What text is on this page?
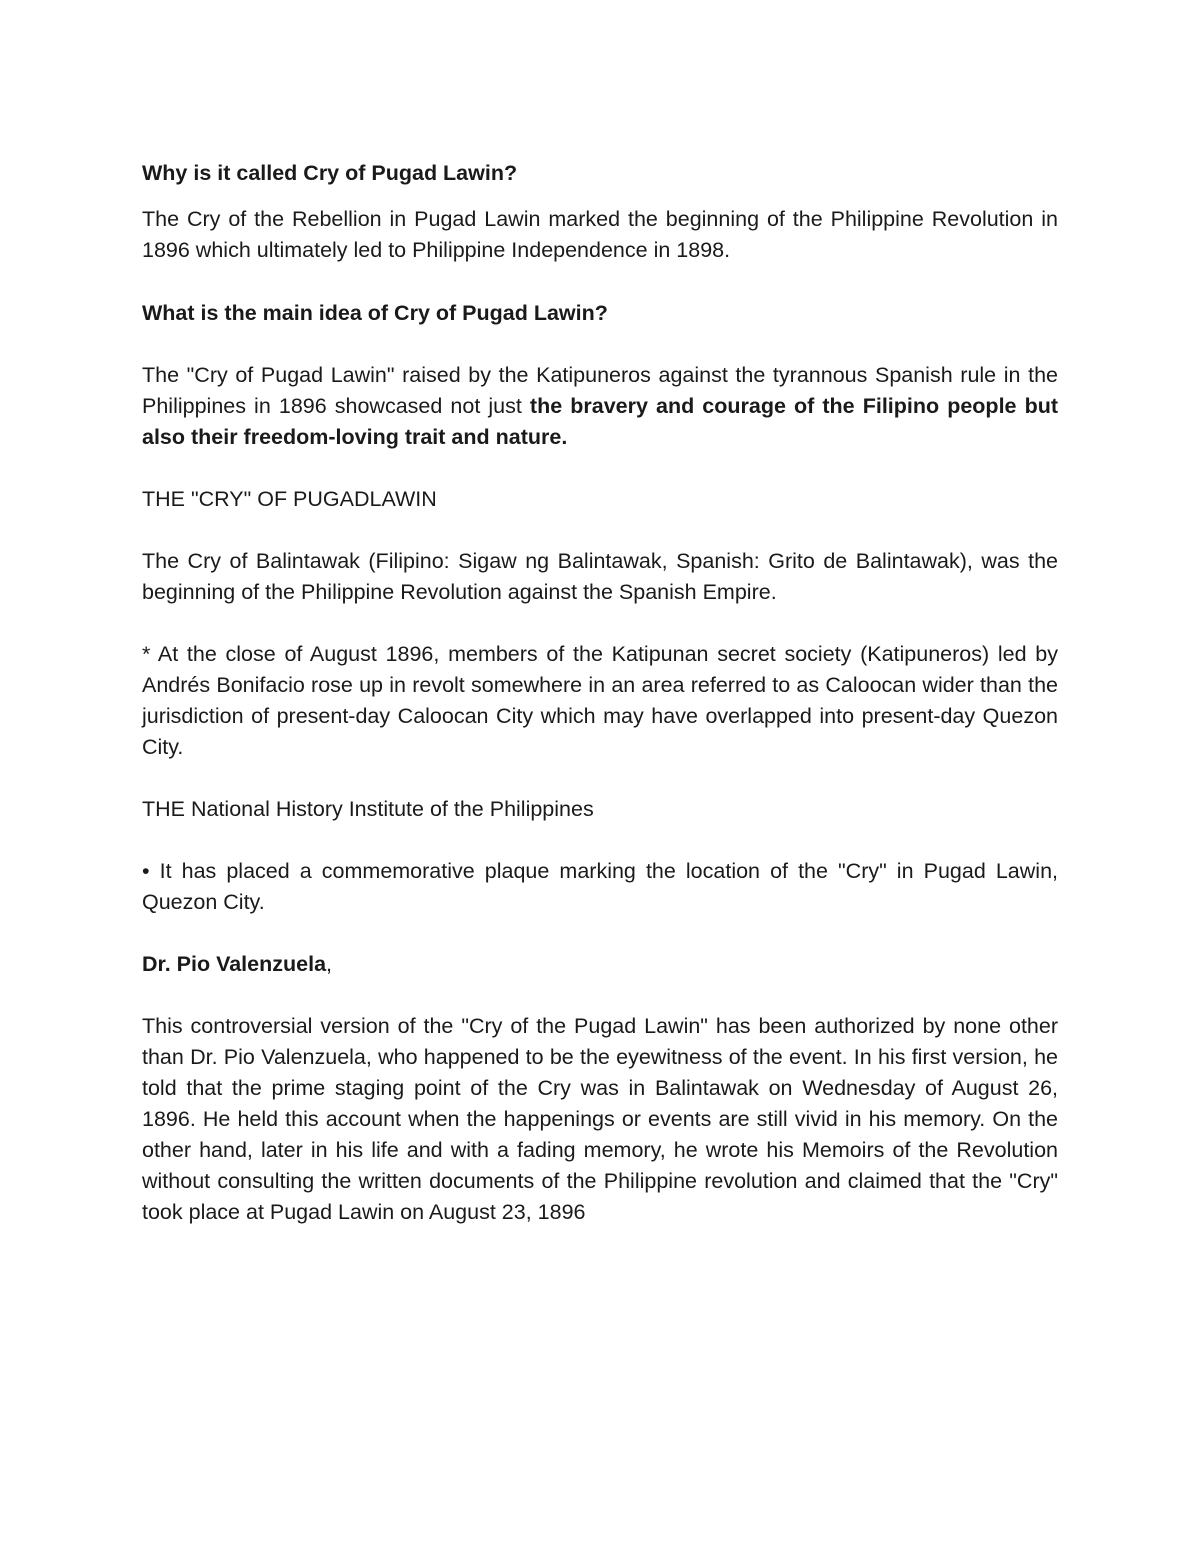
Why is it called Cry of Pugad Lawin?

The Cry of the Rebellion in Pugad Lawin marked the beginning of the Philippine Revolution in 1896 which ultimately led to Philippine Independence in 1898.

What is the main idea of Cry of Pugad Lawin?

The "Cry of Pugad Lawin" raised by the Katipuneros against the tyrannous Spanish rule in the Philippines in 1896 showcased not just the bravery and courage of the Filipino people but also their freedom-loving trait and nature.

THE "CRY" OF PUGADLAWIN

The Cry of Balintawak (Filipino: Sigaw ng Balintawak, Spanish: Grito de Balintawak), was the beginning of the Philippine Revolution against the Spanish Empire.

* At the close of August 1896, members of the Katipunan secret society (Katipuneros) led by Andrés Bonifacio rose up in revolt somewhere in an area referred to as Caloocan wider than the jurisdiction of present-day Caloocan City which may have overlapped into present-day Quezon City.

THE National History Institute of the Philippines

• It has placed a commemorative plaque marking the location of the "Cry" in Pugad Lawin, Quezon City.

Dr. Pio Valenzuela,

This controversial version of the "Cry of the Pugad Lawin" has been authorized by none other than Dr. Pio Valenzuela, who happened to be the eyewitness of the event. In his first version, he told that the prime staging point of the Cry was in Balintawak on Wednesday of August 26, 1896. He held this account when the happenings or events are still vivid in his memory. On the other hand, later in his life and with a fading memory, he wrote his Memoirs of the Revolution without consulting the written documents of the Philippine revolution and claimed that the "Cry" took place at Pugad Lawin on August 23, 1896
